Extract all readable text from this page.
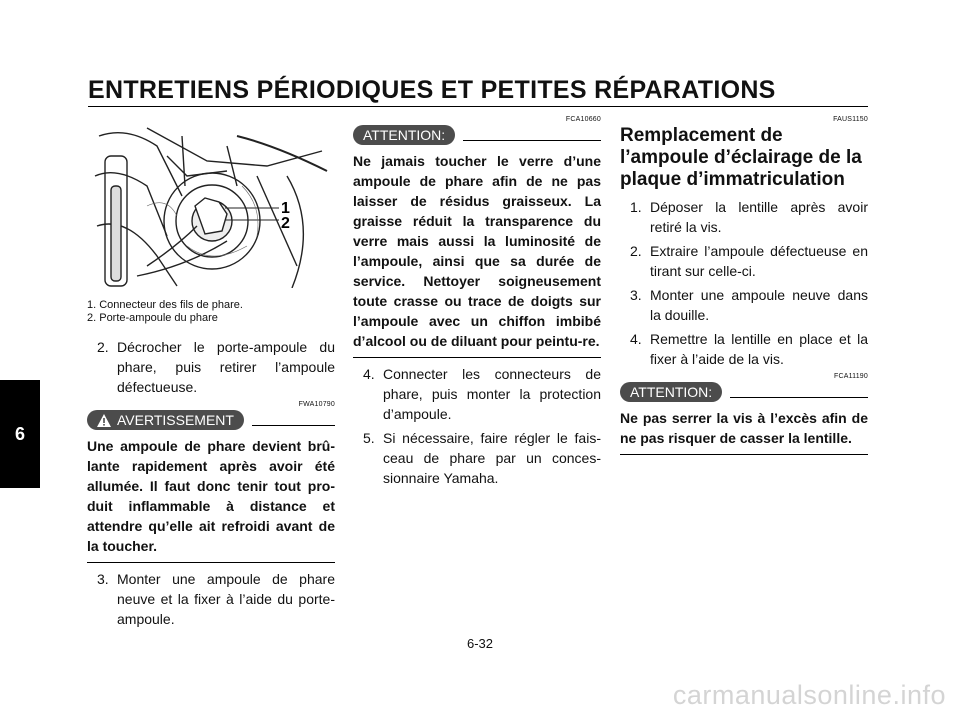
ENTRETIENS PÉRIODIQUES ET PETITES RÉPARATIONS
6
1
2
1. Connecteur des fils de phare.
2. Porte-ampoule du phare
2. Décrocher le porte-ampoule du phare, puis retirer l’ampoule défectueuse.
FWA10790
AVERTISSEMENT
Une ampoule de phare devient brû-lante rapidement après avoir été allumée. Il faut donc tenir tout pro-duit inflammable à distance et attendre qu’elle ait refroidi avant de la toucher.
3. Monter une ampoule de phare neuve et la fixer à l’aide du porte-ampoule.
FCA10660
ATTENTION:
Ne jamais toucher le verre d’une ampoule de phare afin de ne pas laisser de résidus graisseux. La graisse réduit la transparence du verre mais aussi la luminosité de l’ampoule, ainsi que sa durée de service. Nettoyer soigneusement toute crasse ou trace de doigts sur l’ampoule avec un chiffon imbibé d’alcool ou de diluant pour peintu-re.
4. Connecter les connecteurs de phare, puis monter la protection d’ampoule.
5. Si nécessaire, faire régler le fais-ceau de phare par un conces-sionnaire Yamaha.
FAUS1150
Remplacement de l’ampoule d’éclairage de la plaque d’immatriculation
1. Déposer la lentille après avoir retiré la vis.
2. Extraire l’ampoule défectueuse en tirant sur celle-ci.
3. Monter une ampoule neuve dans la douille.
4. Remettre la lentille en place et la fixer à l’aide de la vis.
FCA11190
ATTENTION:
Ne pas serrer la vis à l’excès afin de ne pas risquer de casser la lentille.
6-32
carmanualsonline.info
